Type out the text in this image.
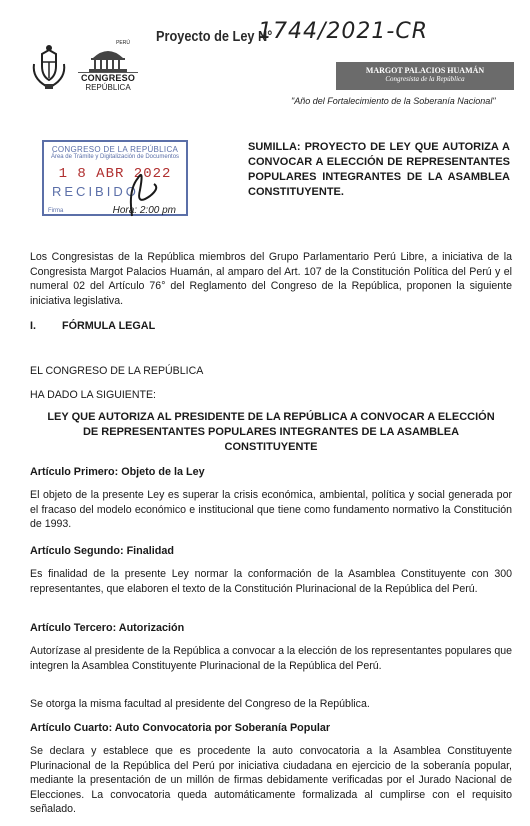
PERÚ
CONGRESO
REPÚBLICA
Proyecto de Ley N°
1744/2021-CR
MARGOT PALACIOS HUAMÁN
Congresista de la República
"Año del Fortalecimiento de la Soberanía Nacional"
CONGRESO DE LA REPÚBLICA
Área de Trámite y Digitalización de Documentos
1 8 ABR 2022
RECIBIDO
Firma	Hora: 2:00 pm
SUMILLA: PROYECTO DE LEY QUE AUTORIZA A CONVOCAR A ELECCIÓN DE REPRESENTANTES POPULARES INTEGRANTES DE LA ASAMBLEA CONSTITUYENTE.
Los Congresistas de la República miembros del Grupo Parlamentario Perú Libre, a iniciativa de la Congresista Margot Palacios Huamán, al amparo del Art. 107 de la Constitución Política del Perú y el numeral 02 del Artículo 76° del Reglamento del Congreso de la República, proponen la siguiente iniciativa legislativa.
I. FÓRMULA LEGAL
EL CONGRESO DE LA REPÚBLICA
HA DADO LA SIGUIENTE:
LEY QUE AUTORIZA AL PRESIDENTE DE LA REPÚBLICA A CONVOCAR A ELECCIÓN DE REPRESENTANTES POPULARES INTEGRANTES DE LA ASAMBLEA CONSTITUYENTE
Artículo Primero: Objeto de la Ley
El objeto de la presente Ley es superar la crisis económica, ambiental, política y social generada por el fracaso del modelo económico e institucional que tiene como fundamento normativo la Constitución de 1993.
Artículo Segundo: Finalidad
Es finalidad de la presente Ley normar la conformación de la Asamblea Constituyente con 300 representantes, que elaboren el texto de la Constitución Plurinacional de la República del Perú.
Artículo Tercero: Autorización
Autorízase al presidente de la República a convocar a la elección de los representantes populares que integren la Asamblea Constituyente Plurinacional de la República del Perú.
Se otorga la misma facultad al presidente del Congreso de la República.
Artículo Cuarto: Auto Convocatoria por Soberanía Popular
Se declara y establece que es procedente la auto convocatoria a la Asamblea Constituyente Plurinacional de la República del Perú por iniciativa ciudadana en ejercicio de la soberanía popular, mediante la presentación de un millón de firmas debidamente verificadas por el Jurado Nacional de Elecciones. La convocatoria queda automáticamente formalizada al cumplirse con el requisito señalado.
